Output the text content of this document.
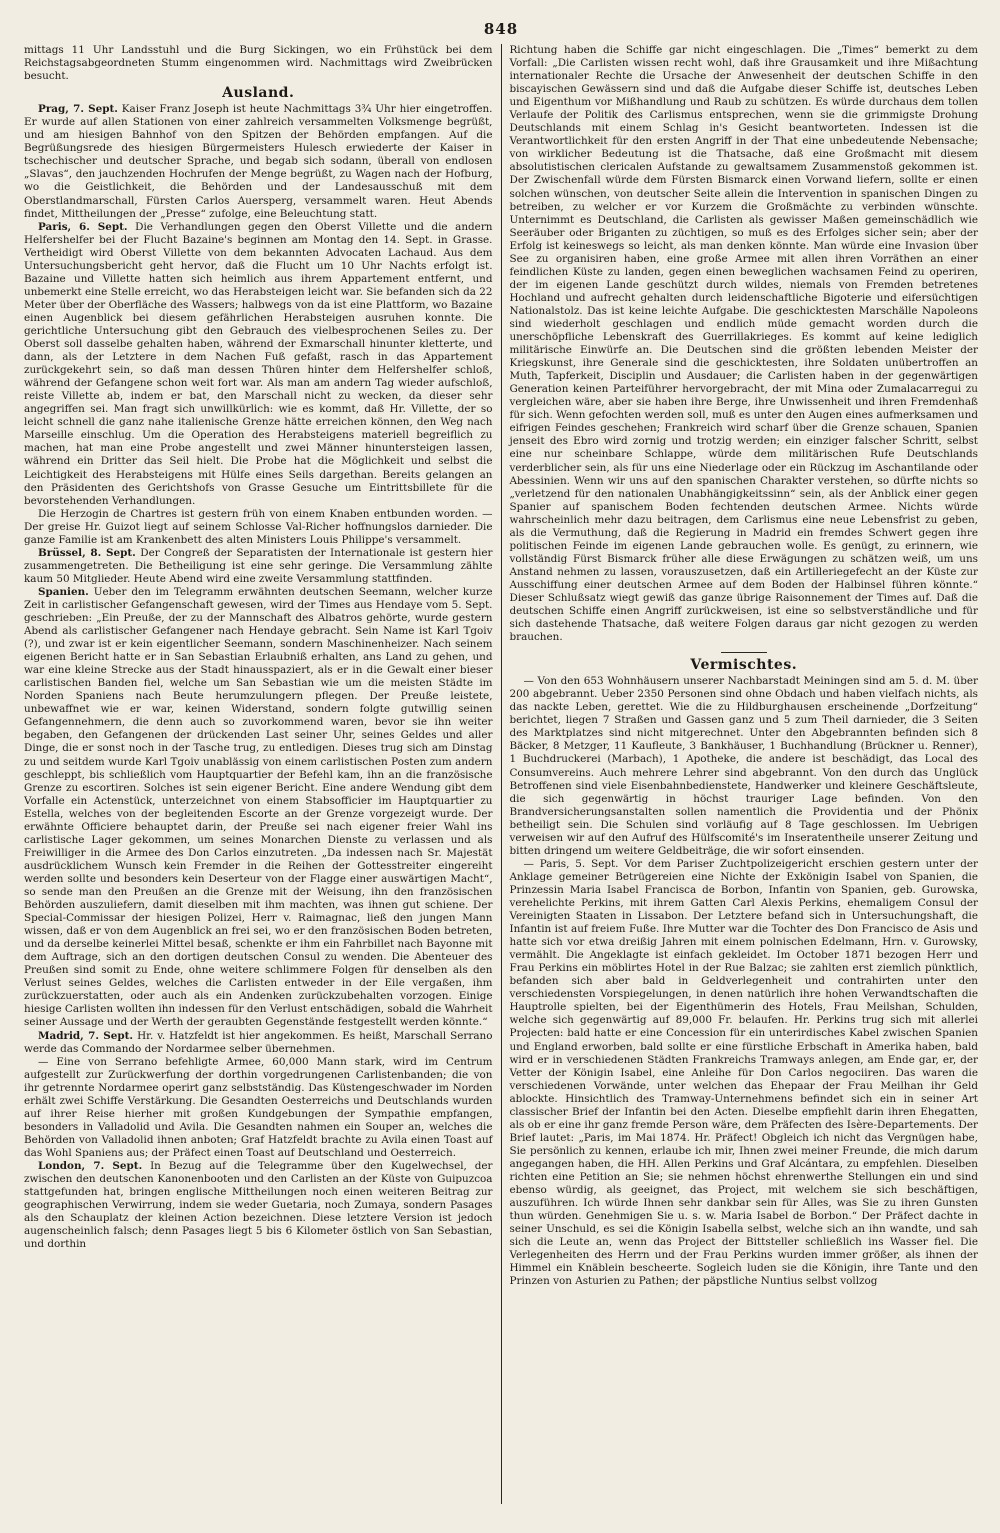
848

mittags 11 Uhr Landsstuhl und die Burg Sickingen, wo ein Frühstück bei dem Reichstagsabgeordneten Stumm eingenommen wird. Nachmittags wird Zweibrücken besucht.

Ausland.

Prag, 7. Sept. Kaiser Franz Joseph ist heute Nachmittags 3¾ Uhr hier eingetroffen. Er wurde auf allen Stationen von einer zahlreich versammelten Volksmenge begrüßt, und am hiesigen Bahnhof von den Spitzen der Behörden empfangen. Auf die Begrüßungsrede des hiesigen Bürgermeisters Hulesch erwiederte der Kaiser in tschechischer und deutscher Sprache, und begab sich sodann, überall von endlosen „Slavas“, den jauchzenden Hochrufen der Menge begrüßt, zu Wagen nach der Hofburg, wo die Geistlichkeit, die Behörden und der Landesausschuß mit dem Oberstlandmarschall, Fürsten Carlos Auersperg, versammelt waren. Heut Abends findet, Mittheilungen der „Presse“ zufolge, eine Beleuchtung statt.

Paris, 6. Sept. Die Verhandlungen gegen den Oberst Villette und die andern Helfershelfer bei der Flucht Bazaine's beginnen am Montag den 14. Sept. in Grasse. Vertheidigt wird Oberst Villette von dem bekannten Advocaten Lachaud. Aus dem Untersuchungsbericht geht hervor, daß die Flucht um 10 Uhr Nachts erfolgt ist. Bazaine und Villette hatten sich heimlich aus ihrem Appartement entfernt, und unbemerkt eine Stelle erreicht, wo das Herabsteigen leicht war. Sie befanden sich da 22 Meter über der Oberfläche des Wassers; halbwegs von da ist eine Plattform, wo Bazaine einen Augenblick bei diesem gefährlichen Herabsteigen ausruhen konnte. Die gerichtliche Untersuchung gibt den Gebrauch des vielbesprochenen Seiles zu. Der Oberst soll dasselbe gehalten haben, während der Exmarschall hinunter kletterte, und dann, als der Letztere in dem Nachen Fuß gefaßt, rasch in das Appartement zurückgekehrt sein, so daß man dessen Thüren hinter dem Helfershelfer schloß, während der Gefangene schon weit fort war. Als man am andern Tag wieder aufschloß, reiste Villette ab, indem er bat, den Marschall nicht zu wecken, da dieser sehr angegriffen sei. Man fragt sich unwillkürlich: wie es kommt, daß Hr. Villette, der so leicht schnell die ganz nahe italienische Grenze hätte erreichen können, den Weg nach Marseille einschlug. Um die Operation des Herabsteigens materiell begreiflich zu machen, hat man eine Probe angestellt und zwei Männer hinuntersteigen lassen, während ein Dritter das Seil hielt. Die Probe hat die Möglichkeit und selbst die Leichtigkeit des Herabsteigens mit Hülfe eines Seils dargethan. Bereits gelangen an den Präsidenten des Gerichtshofs von Grasse Gesuche um Eintrittsbillete für die bevorstehenden Verhandlungen.

Die Herzogin de Chartres ist gestern früh von einem Knaben entbunden worden. — Der greise Hr. Guizot liegt auf seinem Schlosse Val-Richer hoffnungslos darnieder. Die ganze Familie ist am Krankenbett des alten Ministers Louis Philippe's versammelt.

Brüssel, 8. Sept. Der Congreß der Separatisten der Internationale ist gestern hier zusammengetreten. Die Betheiligung ist eine sehr geringe. Die Versammlung zählte kaum 50 Mitglieder. Heute Abend wird eine zweite Versammlung stattfinden.

Spanien. Ueber den im Telegramm erwähnten deutschen Seemann, welcher kurze Zeit in carlistischer Gefangenschaft gewesen, wird der Times aus Hendaye vom 5. Sept. geschrieben: „Ein Preuße, der zu der Mannschaft des Albatros gehörte, wurde gestern Abend als carlistischer Gefangener nach Hendaye gebracht. Sein Name ist Karl Tgoiv (?), und zwar ist er kein eigentlicher Seemann, sondern Maschinenheizer. Nach seinem eigenen Bericht hatte er in San Sebastian Erlaubniß erhalten, ans Land zu gehen, und war eine kleine Strecke aus der Stadt hinausspaziert, als er in die Gewalt einer bieser carlistischen Banden fiel, welche um San Sebastian wie um die meisten Städte im Norden Spaniens nach Beute herumzulungern pflegen. Der Preuße leistete, unbewaffnet wie er war, keinen Widerstand, sondern folgte gutwillig seinen Gefangennehmern, die denn auch so zuvorkommend waren, bevor sie ihn weiter begaben, den Gefangenen der drückenden Last seiner Uhr, seines Geldes und aller Dinge, die er sonst noch in der Tasche trug, zu entledigen. Dieses trug sich am Dinstag zu und seitdem wurde Karl Tgoiv unablässig von einem carlistischen Posten zum andern geschleppt, bis schließlich vom Hauptquartier der Befehl kam, ihn an die französische Grenze zu escortiren. Solches ist sein eigener Bericht. Eine andere Wendung gibt dem Vorfalle ein Actenstück, unterzeichnet von einem Stabsofficier im Hauptquartier zu Estella, welches von der begleitenden Escorte an der Grenze vorgezeigt wurde. Der erwähnte Officiere behauptet darin, der Preuße sei nach eigener freier Wahl ins carlistische Lager gekommen, um seines Monarchen Dienste zu verlassen und als Freiwilliger in die Armee des Don Carlos einzutreten. „Da indessen nach Sr. Majestät ausdrücklichem Wunsch kein Fremder in die Reihen der Gottesstreiter eingereiht werden sollte und besonders kein Deserteur von der Flagge einer auswärtigen Macht“, so sende man den Preußen an die Grenze mit der Weisung, ihn den französischen Behörden auszuliefern, damit dieselben mit ihm machten, was ihnen gut schiene. Der Special-Commissar der hiesigen Polizei, Herr v. Raimagnac, ließ den jungen Mann wissen, daß er von dem Augenblick an frei sei, wo er den französischen Boden betreten, und da derselbe keinerlei Mittel besaß, schenkte er ihm ein Fahrbillet nach Bayonne mit dem Auftrage, sich an den dortigen deutschen Consul zu wenden. Die Abenteuer des Preußen sind somit zu Ende, ohne weitere schlimmere Folgen für denselben als den Verlust seines Geldes, welches die Carlisten entweder in der Eile vergaßen, ihm zurückzuerstatten, oder auch als ein Andenken zurückzubehalten vorzogen. Einige hiesige Carlisten wollten ihn indessen für den Verlust entschädigen, sobald die Wahrheit seiner Aussage und der Werth der geraubten Gegenstände festgestellt werden könnte.“

Madrid, 7. Sept. Hr. v. Hatzfeldt ist hier angekommen. Es heißt, Marschall Serrano werde das Commando der Nordarmee selber übernehmen.

— Eine von Serrano befehligte Armee, 60,000 Mann stark, wird im Centrum aufgestellt zur Zurückwerfung der dorthin vorgedrungenen Carlistenbanden; die von ihr getrennte Nordarmee operirt ganz selbstständig. Das Küstengeschwader im Norden erhält zwei Schiffe Verstärkung. Die Gesandten Oesterreichs und Deutschlands wurden auf ihrer Reise hierher mit großen Kundgebungen der Sympathie empfangen, besonders in Valladolid und Avila. Die Gesandten nahmen ein Souper an, welches die Behörden von Valladolid ihnen anboten; Graf Hatzfeldt brachte zu Avila einen Toast auf das Wohl Spaniens aus; der Präfect einen Toast auf Deutschland und Oesterreich.

London, 7. Sept. In Bezug auf die Telegramme über den Kugelwechsel, der zwischen den deutschen Kanonenbooten und den Carlisten an der Küste von Guipuzcoa stattgefunden hat, bringen englische Mittheilungen noch einen weiteren Beitrag zur geographischen Verwirrung, indem sie weder Guetaria, noch Zumaya, sondern Pasages als den Schauplatz der kleinen Action bezeichnen. Diese letztere Version ist jedoch augenscheinlich falsch; denn Pasages liegt 5 bis 6 Kilometer östlich von San Sebastian, und dorthin

Richtung haben die Schiffe gar nicht eingeschlagen. Die „Times“ bemerkt zu dem Vorfall: „Die Carlisten wissen recht wohl, daß ihre Grausamkeit und ihre Mißachtung internationaler Rechte die Ursache der Anwesenheit der deutschen Schiffe in den biscayischen Gewässern sind und daß die Aufgabe dieser Schiffe ist, deutsches Leben und Eigenthum vor Mißhandlung und Raub zu schützen. Es würde durchaus dem tollen Verlaufe der Politik des Carlismus entsprechen, wenn sie die grimmigste Drohung Deutschlands mit einem Schlag in's Gesicht beantworteten. Indessen ist die Verantwortlichkeit für den ersten Angriff in der That eine unbedeutende Nebensache; von wirklicher Bedeutung ist die Thatsache, daß eine Großmacht mit diesem absolutistischen clericalen Aufstande zu gewaltsamem Zusammenstoß gekommen ist. Der Zwischenfall würde dem Fürsten Bismarck einen Vorwand liefern, sollte er einen solchen wünschen, von deutscher Seite allein die Intervention in spanischen Dingen zu betreiben, zu welcher er vor Kurzem die Großmächte zu verbinden wünschte. Unternimmt es Deutschland, die Carlisten als gewisser Maßen gemeinschädlich wie Seeräuber oder Briganten zu züchtigen, so muß es des Erfolges sicher sein; aber der Erfolg ist keineswegs so leicht, als man denken könnte. Man würde eine Invasion über See zu organisiren haben, eine große Armee mit allen ihren Vorräthen an einer feindlichen Küste zu landen, gegen einen beweglichen wachsamen Feind zu operiren, der im eigenen Lande geschützt durch wildes, niemals von Fremden betretenes Hochland und aufrecht gehalten durch leidenschaftliche Bigoterie und eifersüchtigen Nationalstolz. Das ist keine leichte Aufgabe. Die geschicktesten Marschälle Napoleons sind wiederholt geschlagen und endlich müde gemacht worden durch die unerschöpfliche Lebenskraft des Guerrillakrieges. Es kommt auf keine lediglich militärische Einwürfe an. Die Deutschen sind die größten lebenden Meister der Kriegskunst, ihre Generale sind die geschicktesten, ihre Soldaten unübertroffen an Muth, Tapferkeit, Disciplin und Ausdauer; die Carlisten haben in der gegenwärtigen Generation keinen Parteiführer hervorgebracht, der mit Mina oder Zumalacarregui zu vergleichen wäre, aber sie haben ihre Berge, ihre Unwissenheit und ihren Fremdenhaß für sich. Wenn gefochten werden soll, muß es unter den Augen eines aufmerksamen und eifrigen Feindes geschehen; Frankreich wird scharf über die Grenze schauen, Spanien jenseit des Ebro wird zornig und trotzig werden; ein einziger falscher Schritt, selbst eine nur scheinbare Schlappe, würde dem militärischen Rufe Deutschlands verderblicher sein, als für uns eine Niederlage oder ein Rückzug im Aschantilande oder Abessinien. Wenn wir uns auf den spanischen Charakter verstehen, so dürfte nichts so „verletzend für den nationalen Unabhängigkeitssinn“ sein, als der Anblick einer gegen Spanier auf spanischem Boden fechtenden deutschen Armee. Nichts würde wahrscheinlich mehr dazu beitragen, dem Carlismus eine neue Lebensfrist zu geben, als die Vermuthung, daß die Regierung in Madrid ein fremdes Schwert gegen ihre politischen Feinde im eigenen Lande gebrauchen wolle. Es genügt, zu erinnern, wie vollständig Fürst Bismarck früher alle diese Erwägungen zu schätzen weiß, um uns Anstand nehmen zu lassen, vorauszusetzen, daß ein Artilleriegefecht an der Küste zur Ausschiffung einer deutschen Armee auf dem Boden der Halbinsel führen könnte.“ Dieser Schlußsatz wiegt gewiß das ganze übrige Raisonnement der Times auf. Daß die deutschen Schiffe einen Angriff zurückweisen, ist eine so selbstverständliche und für sich dastehende Thatsache, daß weitere Folgen daraus gar nicht gezogen zu werden brauchen.

Vermischtes.

— Von den 653 Wohnhäusern unserer Nachbarstadt Meiningen sind am 5. d. M. über 200 abgebrannt. Ueber 2350 Personen sind ohne Obdach und haben vielfach nichts, als das nackte Leben, gerettet. Wie die zu Hildburghausen erscheinende „Dorfzeitung“ berichtet, liegen 7 Straßen und Gassen ganz und 5 zum Theil darnieder, die 3 Seiten des Marktplatzes sind nicht mitgerechnet. Unter den Abgebrannten befinden sich 8 Bäcker, 8 Metzger, 11 Kaufleute, 3 Bankhäuser, 1 Buchhandlung (Brückner u. Renner), 1 Buchdruckerei (Marbach), 1 Apotheke, die andere ist beschädigt, das Local des Consumvereins. Auch mehrere Lehrer sind abgebrannt. Von den durch das Unglück Betroffenen sind viele Eisenbahnbedienstete, Handwerker und kleinere Geschäftsleute, die sich gegenwärtig in höchst trauriger Lage befinden. Von den Brandversicherungsanstalten sollen namentlich die Providentia und der Phönix betheiligt sein. Die Schulen sind vorläufig auf 8 Tage geschlossen. Im Uebrigen verweisen wir auf den Aufruf des Hülfscomité's im Inseratentheile unserer Zeitung und bitten dringend um weitere Geldbeiträge, die wir sofort einsenden.

— Paris, 5. Sept. Vor dem Pariser Zuchtpolizeigericht erschien gestern unter der Anklage gemeiner Betrügereien eine Nichte der Exkönigin Isabel von Spanien, die Prinzessin Maria Isabel Francisca de Borbon, Infantin von Spanien, geb. Gurowska, verehelichte Perkins, mit ihrem Gatten Carl Alexis Perkins, ehemaligem Consul der Vereinigten Staaten in Lissabon. Der Letztere befand sich in Untersuchungshaft, die Infantin ist auf freiem Fuße. Ihre Mutter war die Tochter des Don Francisco de Asis und hatte sich vor etwa dreißig Jahren mit einem polnischen Edelmann, Hrn. v. Gurowsky, vermählt. Die Angeklagte ist einfach gekleidet. Im October 1871 bezogen Herr und Frau Perkins ein möblirtes Hotel in der Rue Balzac; sie zahlten erst ziemlich pünktlich, befanden sich aber bald in Geldverlegenheit und contrahirten unter den verschiedensten Vorspiegelungen, in denen natürlich ihre hohen Verwandtschaften die Hauptrolle spielten, bei der Eigenthümerin des Hotels, Frau Meilshan, Schulden, welche sich gegenwärtig auf 89,000 Fr. belaufen. Hr. Perkins trug sich mit allerlei Projecten: bald hatte er eine Concession für ein unterirdisches Kabel zwischen Spanien und England erworben, bald sollte er eine fürstliche Erbschaft in Amerika haben, bald wird er in verschiedenen Städten Frankreichs Tramways anlegen, am Ende gar, er, der Vetter der Königin Isabel, eine Anleihe für Don Carlos negociiren. Das waren die verschiedenen Vorwände, unter welchen das Ehepaar der Frau Meilhan ihr Geld ablockte. Hinsichtlich des Tramway-Unternehmens befindet sich ein in seiner Art classischer Brief der Infantin bei den Acten. Dieselbe empfiehlt darin ihren Ehegatten, als ob er eine ihr ganz fremde Person wäre, dem Präfecten des Isère-Departements. Der Brief lautet: „Paris, im Mai 1874. Hr. Präfect! Obgleich ich nicht das Vergnügen habe, Sie persönlich zu kennen, erlaube ich mir, Ihnen zwei meiner Freunde, die mich darum angegangen haben, die HH. Allen Perkins und Graf Alcántara, zu empfehlen. Dieselben richten eine Petition an Sie; sie nehmen höchst ehrenwerthe Stellungen ein und sind ebenso würdig, als geeignet, das Project, mit welchem sie sich beschäftigen, auszuführen. Ich würde Ihnen sehr dankbar sein für Alles, was Sie zu ihren Gunsten thun würden. Genehmigen Sie u. s. w. Maria Isabel de Borbon.“ Der Präfect dachte in seiner Unschuld, es sei die Königin Isabella selbst, welche sich an ihn wandte, und sah sich die Leute an, wenn das Project der Bittsteller schließlich ins Wasser fiel. Die Verlegenheiten des Herrn und der Frau Perkins wurden immer größer, als ihnen der Himmel ein Knäblein bescheerte. Sogleich luden sie die Königin, ihre Tante und den Prinzen von Asturien zu Pathen; der päpstliche Nuntius selbst vollzog
